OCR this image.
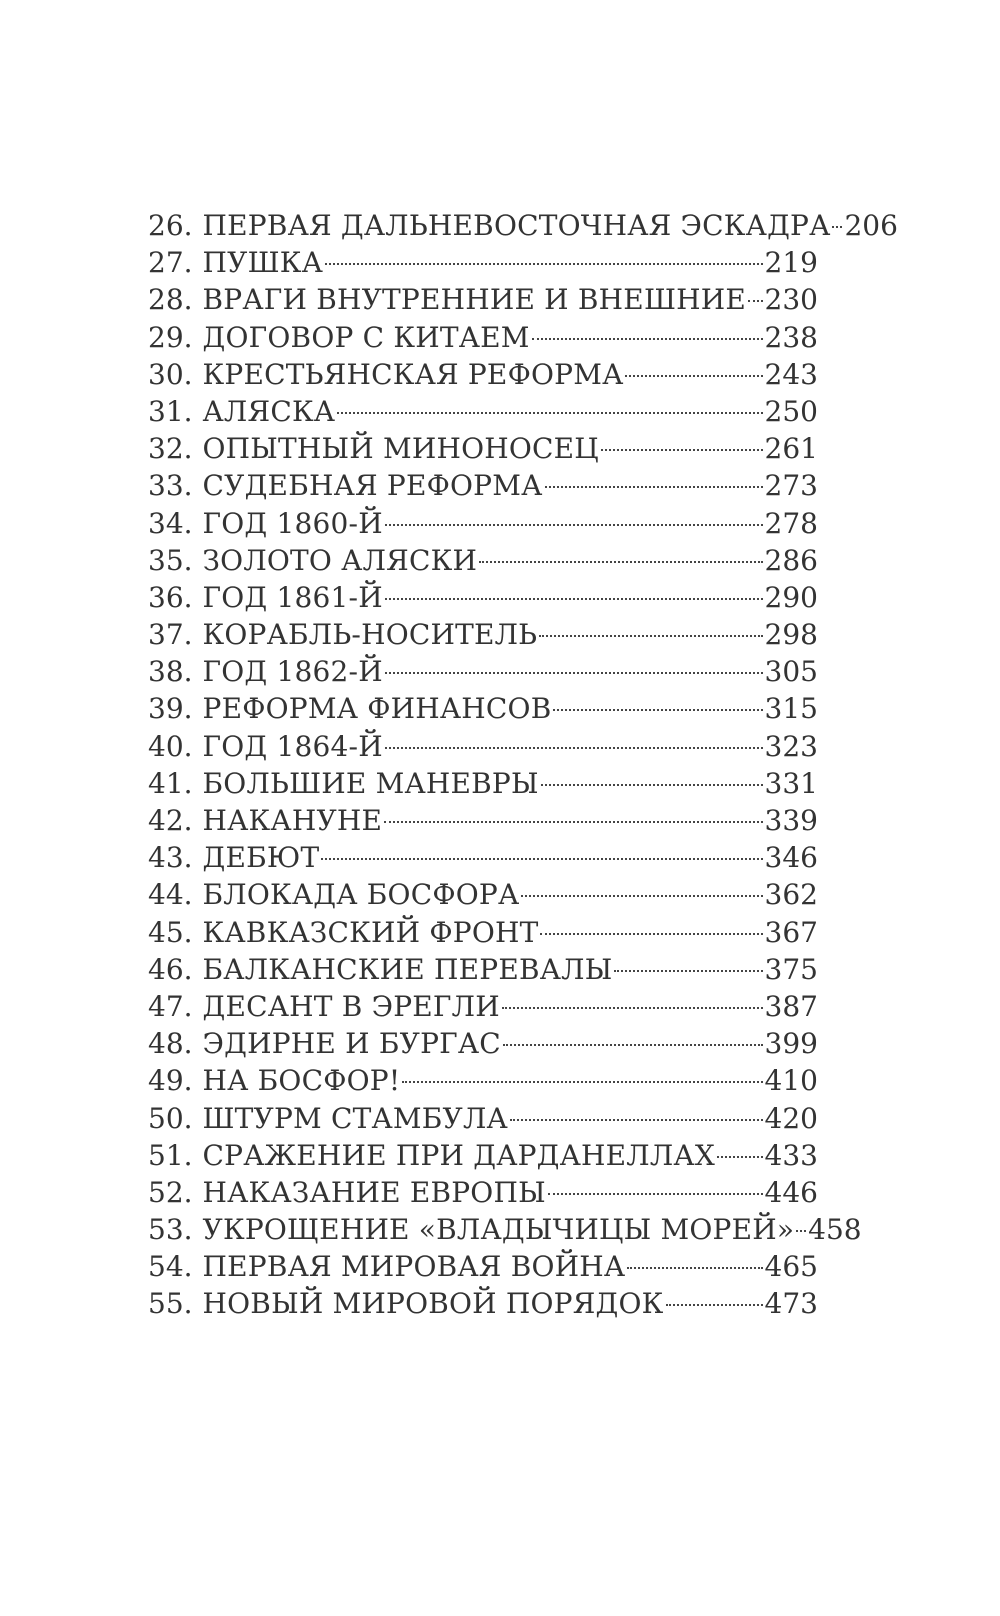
26. ПЕРВАЯ ДАЛЬНЕВОСТОЧНАЯ ЭСКАДРА 206
27. ПУШКА	219
28. ВРАГИ ВНУТРЕННИЕ И ВНЕШНИЕ 230
29. ДОГОВОР С КИТАЕМ	238
30. КРЕСТЬЯНСКАЯ РЕФОРМА	243
31. АЛЯСКА	250
32. ОПЫТНЫЙ МИНОНОСЕЦ	261
33. СУДЕБНАЯ РЕФОРМА	273
34. ГОД 1860-Й	278
35. ЗОЛОТО АЛЯСКИ	286
36. ГОД 1861-Й	290
37. КОРАБЛЬ-НОСИТЕЛЬ	298
38. ГОД 1862-Й	305
39. РЕФОРМА ФИНАНСОВ	315
40. ГОД 1864-Й	323
41. БОЛЬШИЕ МАНЕВРЫ	331
42. НАКАНУНЕ	339
43. ДЕБЮТ	346
44. БЛОКАДА БОСФОРА	362
45. КАВКАЗСКИЙ ФРОНТ	367
46. БАЛКАНСКИЕ ПЕРЕВАЛЫ	375
47. ДЕСАНТ В ЭРЕГЛИ	387
48. ЭДИРНЕ И БУРГАС	399
49. НА БОСФОР!	410
50. ШТУРМ СТАМБУЛА	420
51. СРАЖЕНИЕ ПРИ ДАРДАНЕЛЛАХ 433
52. НАКАЗАНИЕ ЕВРОПЫ	446
53. УКРОЩЕНИЕ «ВЛАДЫЧИЦЫ МОРЕЙ» 458
54. ПЕРВАЯ МИРОВАЯ ВОЙНА	465
55. НОВЫЙ МИРОВОЙ ПОРЯДОК	473
